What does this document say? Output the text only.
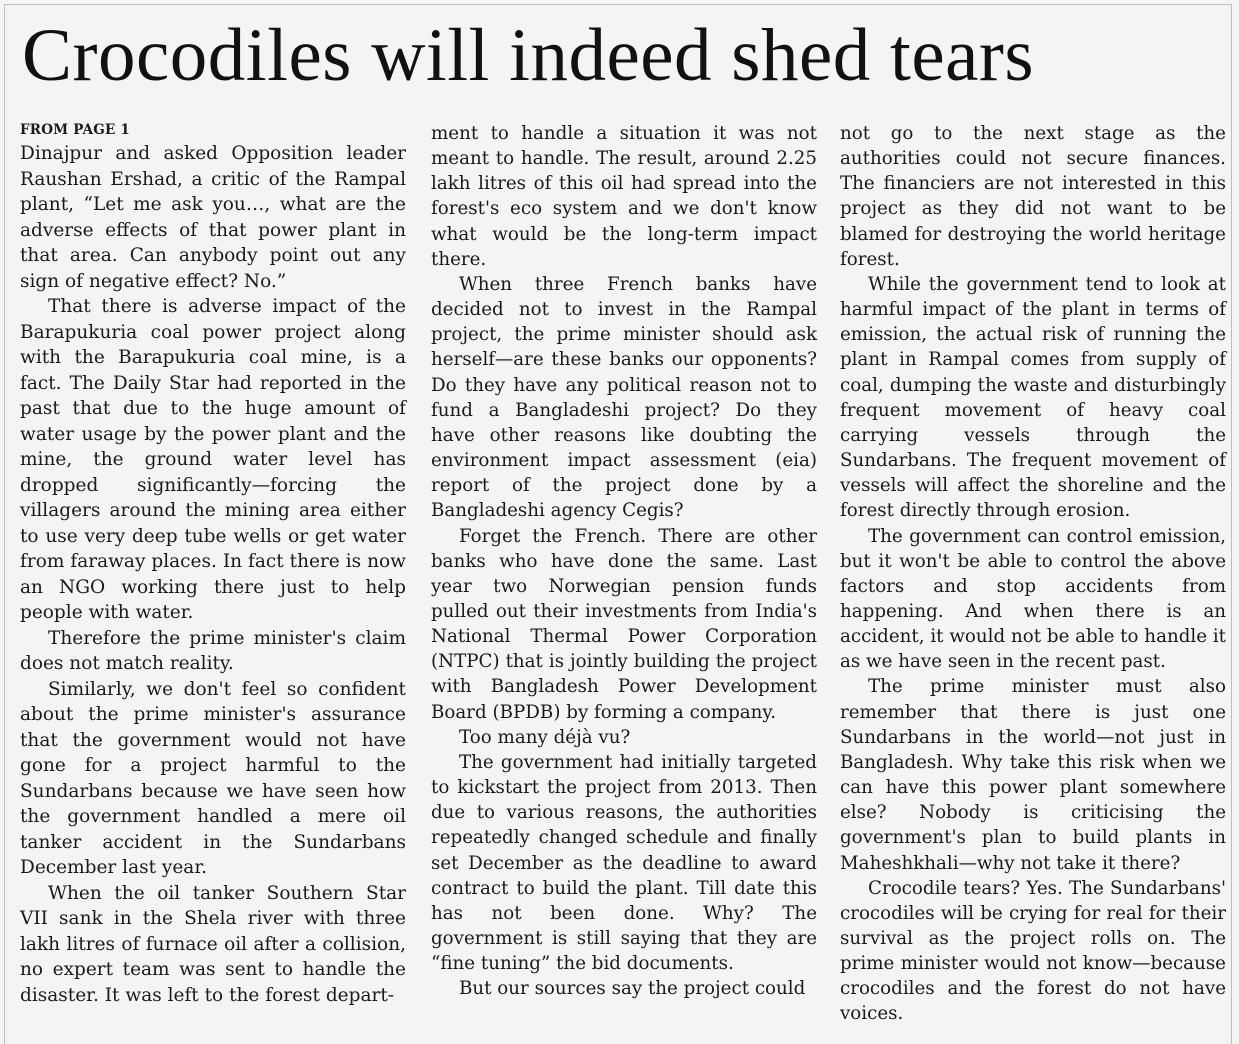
Crocodiles will indeed shed tears
FROM PAGE 1

Dinajpur and asked Opposition leader Raushan Ershad, a critic of the Rampal plant, “Let me ask you…, what are the adverse effects of that power plant in that area. Can anybody point out any sign of negative effect? No.”

That there is adverse impact of the Barapukuria coal power project along with the Barapukuria coal mine, is a fact. The Daily Star had reported in the past that due to the huge amount of water usage by the power plant and the mine, the ground water level has dropped significantly—forcing the villagers around the mining area either to use very deep tube wells or get water from faraway places. In fact there is now an NGO working there just to help people with water.

Therefore the prime minister's claim does not match reality.

Similarly, we don't feel so confident about the prime minister's assurance that the government would not have gone for a project harmful to the Sundarbans because we have seen how the government handled a mere oil tanker accident in the Sundarbans December last year.

When the oil tanker Southern Star VII sank in the Shela river with three lakh litres of furnace oil after a collision, no expert team was sent to handle the disaster. It was left to the forest depart-

ment to handle a situation it was not meant to handle. The result, around 2.25 lakh litres of this oil had spread into the forest's eco system and we don't know what would be the long-term impact there.

When three French banks have decided not to invest in the Rampal project, the prime minister should ask herself—are these banks our opponents? Do they have any political reason not to fund a Bangladeshi project? Do they have other reasons like doubting the environment impact assessment (eia) report of the project done by a Bangladeshi agency Cegis?

Forget the French. There are other banks who have done the same. Last year two Norwegian pension funds pulled out their investments from India's National Thermal Power Corporation (NTPC) that is jointly building the project with Bangladesh Power Development Board (BPDB) by forming a company.

Too many déjà vu?

The government had initially targeted to kickstart the project from 2013. Then due to various reasons, the authorities repeatedly changed schedule and finally set December as the deadline to award contract to build the plant. Till date this has not been done. Why? The government is still saying that they are “fine tuning” the bid documents.

But our sources say the project could

not go to the next stage as the authorities could not secure finances. The financiers are not interested in this project as they did not want to be blamed for destroying the world heritage forest.

While the government tend to look at harmful impact of the plant in terms of emission, the actual risk of running the plant in Rampal comes from supply of coal, dumping the waste and disturbingly frequent movement of heavy coal carrying vessels through the Sundarbans. The frequent movement of vessels will affect the shoreline and the forest directly through erosion.

The government can control emission, but it won't be able to control the above factors and stop accidents from happening. And when there is an accident, it would not be able to handle it as we have seen in the recent past.

The prime minister must also remember that there is just one Sundarbans in the world—not just in Bangladesh. Why take this risk when we can have this power plant somewhere else? Nobody is criticising the government's plan to build plants in Maheshkhali—why not take it there?

Crocodile tears? Yes. The Sundarbans' crocodiles will be crying for real for their survival as the project rolls on. The prime minister would not know—because crocodiles and the forest do not have voices.
